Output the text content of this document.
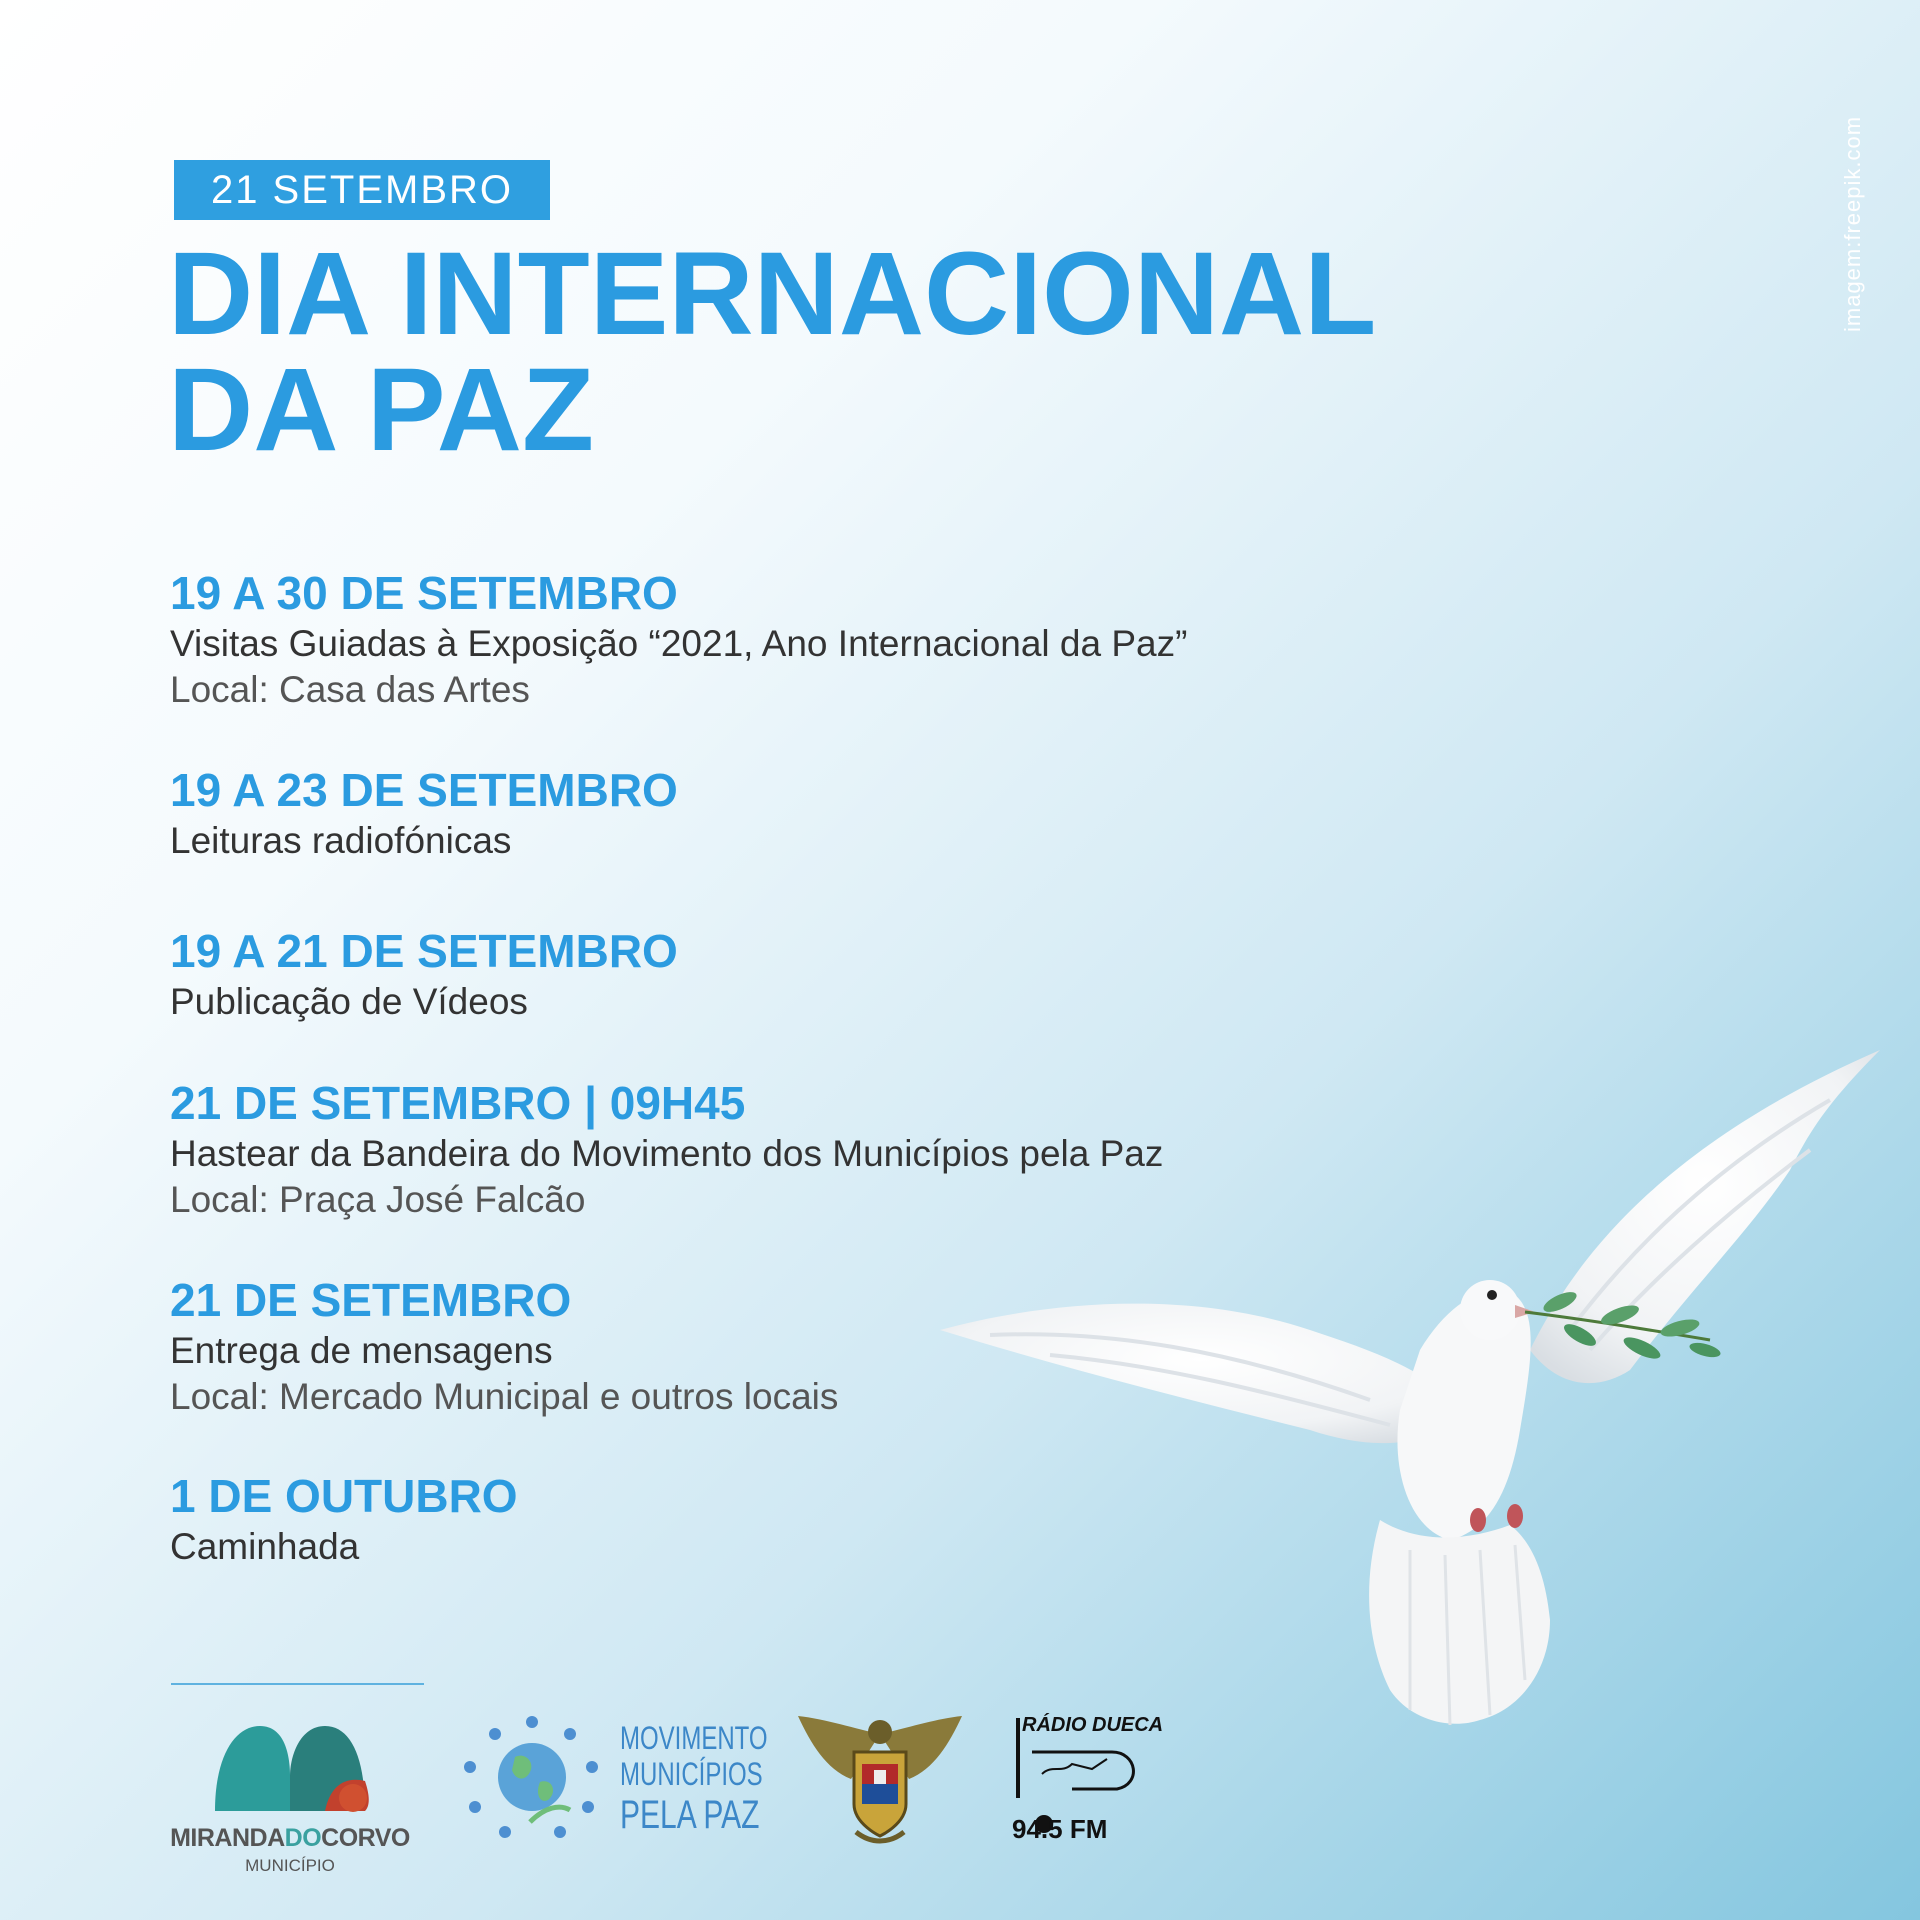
21 SETEMBRO
DIA INTERNACIONAL
DA PAZ
imagem:freepik.com
19 A 30 DE SETEMBRO
Visitas Guiadas à Exposição “2021, Ano Internacional da Paz”
Local: Casa das Artes
19 A 23 DE SETEMBRO
Leituras radiofónicas
19 A 21 DE SETEMBRO
Publicação de Vídeos
21 DE SETEMBRO | 09H45
Hastear da Bandeira do Movimento dos Municípios pela Paz
Local: Praça José Falcão
21 DE SETEMBRO
Entrega de mensagens
Local: Mercado Municipal e outros locais
1 DE OUTUBRO
Caminhada
MIRANDADOCORVO
MUNICÍPIO
MOVIMENTO
MUNICÍPIOS
PELA PAZ
RÁDIO DUECA
94.5 FM
